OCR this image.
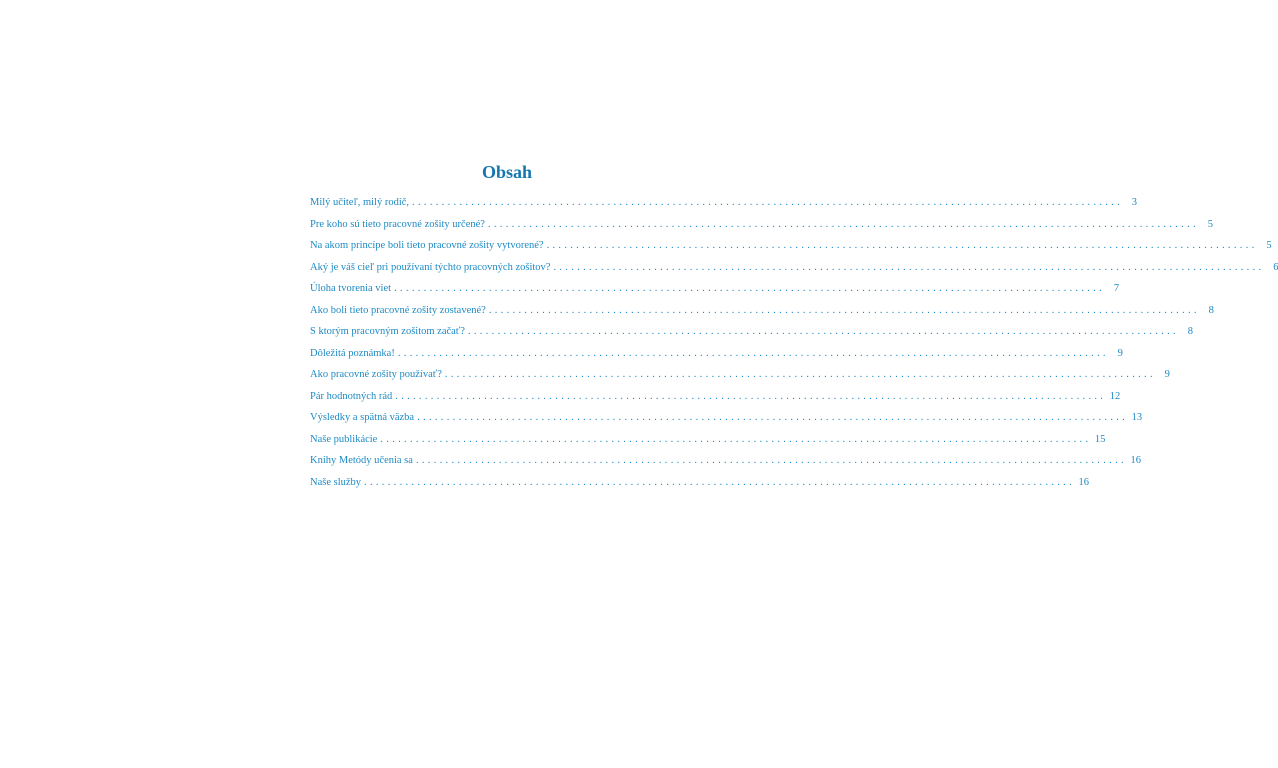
Obsah
Milý učiteľ, milý rodič, ........................................................................................................................ 3
Pre koho sú tieto pracovné zošity určené? ........................................................................................................................ 5
Na akom princípe boli tieto pracovné zošity vytvorené? ........................................................................................................................ 5
Aký je váš cieľ pri používaní týchto pracovných zošitov? ........................................................................................................................ 6
Úloha tvorenia viet ........................................................................................................................ 7
Ako boli tieto pracovné zošity zostavené? ........................................................................................................................ 8
S ktorým pracovným zošitom začať? ........................................................................................................................ 8
Dôležitá poznámka! ........................................................................................................................ 9
Ako pracovné zošity používať? ........................................................................................................................ 9
Pár hodnotných rád ........................................................................................................................ 12
Výsledky a spätná väzba ........................................................................................................................ 13
Naše publikácie ........................................................................................................................ 15
Knihy Metódy učenia sa ........................................................................................................................ 16
Naše služby ........................................................................................................................ 16
